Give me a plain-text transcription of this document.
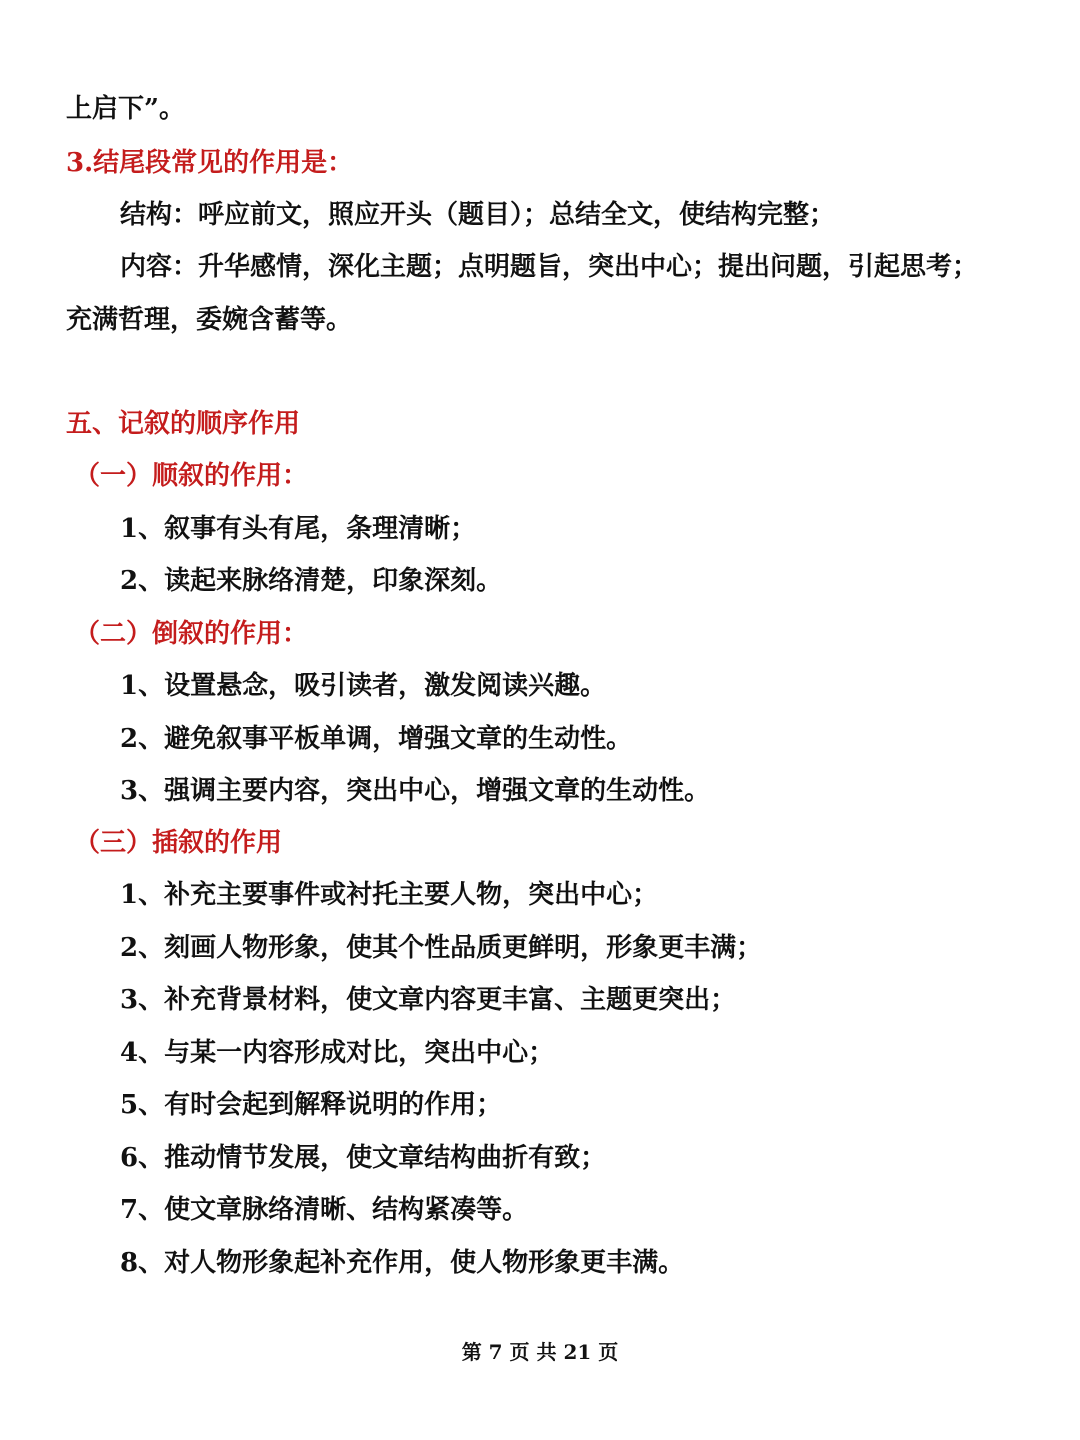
上启下”。
3.结尾段常见的作用是：
结构：呼应前文，照应开头（题目）；总结全文，使结构完整；
内容：升华感情，深化主题；点明题旨，突出中心；提出问题，引起思考；
充满哲理，委婉含蓄等。
五、记叙的顺序作用
（一）顺叙的作用：
1、叙事有头有尾，条理清晰；
2、读起来脉络清楚，印象深刻。
（二）倒叙的作用：
1、设置悬念，吸引读者，激发阅读兴趣。
2、避免叙事平板单调，增强文章的生动性。
3、强调主要内容，突出中心，增强文章的生动性。
（三）插叙的作用
1、补充主要事件或衬托主要人物，突出中心；
2、刻画人物形象，使其个性品质更鲜明，形象更丰满；
3、补充背景材料，使文章内容更丰富、主题更突出；
4、与某一内容形成对比，突出中心；
5、有时会起到解释说明的作用；
6、推动情节发展，使文章结构曲折有致；
7、使文章脉络清晰、结构紧凑等。
8、对人物形象起补充作用，使人物形象更丰满。
第 7 页 共 21 页
